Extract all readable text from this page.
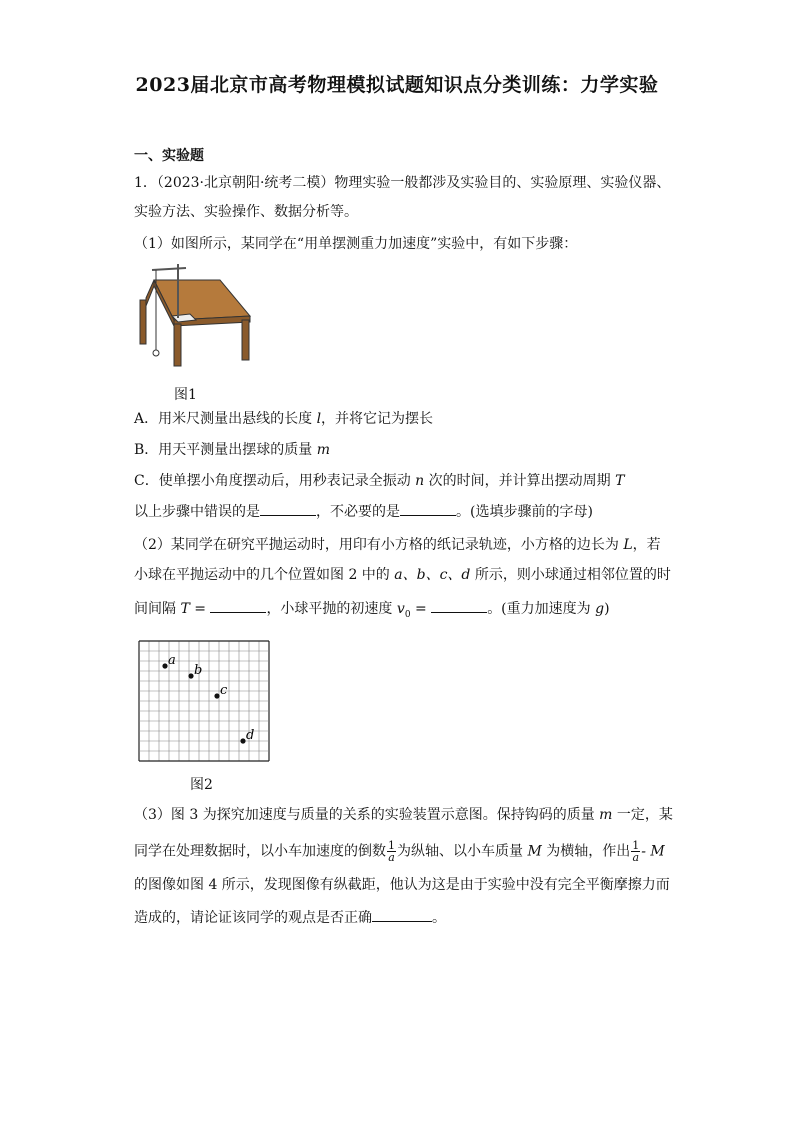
2023届北京市高考物理模拟试题知识点分类训练：力学实验
一、实验题
1．（2023·北京朝阳·统考二模）物理实验一般都涉及实验目的、实验原理、实验仪器、
实验方法、实验操作、数据分析等。
（1）如图所示，某同学在“用单摆测重力加速度”实验中，有如下步骤：
图1
A．用米尺测量出悬线的长度 l，并将它记为摆长
B．用天平测量出摆球的质量 m
C．使单摆小角度摆动后，用秒表记录全振动 n 次的时间，并计算出摆动周期 T
以上步骤中错误的是	，不必要的是	。(选填步骤前的字母)
（2）某同学在研究平抛运动时，用印有小方格的纸记录轨迹，小方格的边长为 L，若
小球在平抛运动中的几个位置如图 2 中的 a、b、c、d 所示，则小球通过相邻位置的时
间间隔 T =	，小球平抛的初速度 $v_0$ =	。(重力加速度为 g)
a
b
c
d
图2
（3）图 3 为探究加速度与质量的关系的实验装置示意图。保持钩码的质量 m 一定，某
同学在处理数据时，以小车加速度的倒数 $\frac{1}{a}$ 为纵轴、以小车质量 M 为横轴，作出 $\frac{1}{a}$ - M
的图像如图 4 所示，发现图像有纵截距，他认为这是由于实验中没有完全平衡摩擦力而
造成的，请论证该同学的观点是否正确	。
